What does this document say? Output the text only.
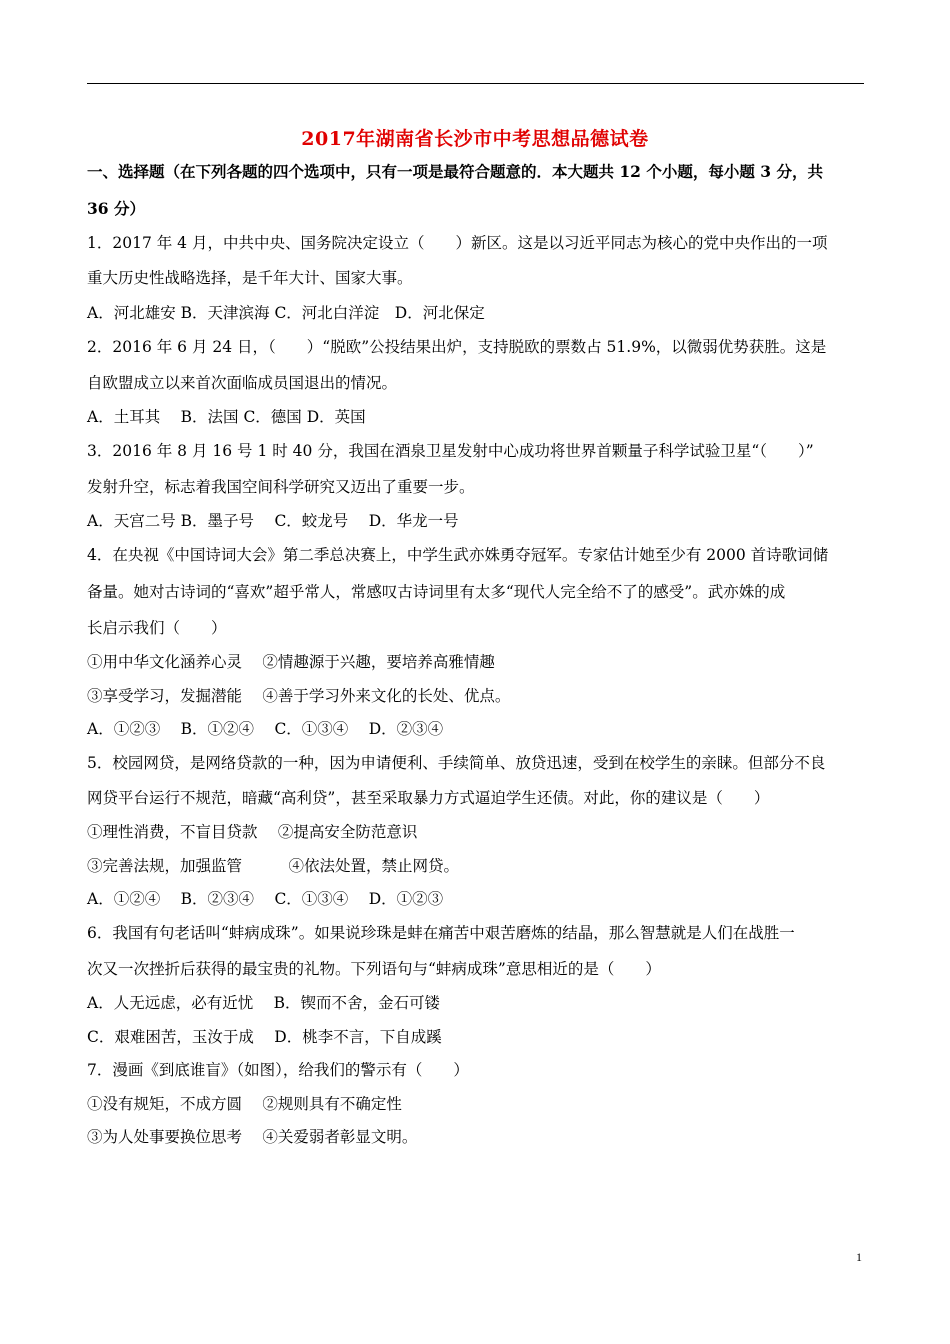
2017年湖南省长沙市中考思想品德试卷
一、选择题（在下列各题的四个选项中，只有一项是最符合题意的．本大题共 12 个小题，每小题 3 分，共
36 分）
1．2017 年 4 月，中共中央、国务院决定设立（　　）新区。这是以习近平同志为核心的党中央作出的一项
重大历史性战略选择，是千年大计、国家大事。
A．河北雄安 B．天津滨海 C．河北白洋淀　D．河北保定
2．2016 年 6 月 24 日，（　　）“脱欧”公投结果出炉，支持脱欧的票数占 51.9%，以微弱优势获胜。这是
自欧盟成立以来首次面临成员国退出的情况。
A．土耳其　 B．法国 C．德国 D．英国
3．2016 年 8 月 16 号 1 时 40 分，我国在酒泉卫星发射中心成功将世界首颗量子科学试验卫星“（　　）”
发射升空，标志着我国空间科学研究又迈出了重要一步。
A．天宫二号 B．墨子号　 C．蛟龙号　 D．华龙一号
4．在央视《中国诗词大会》第二季总决赛上，中学生武亦姝勇夺冠军。专家估计她至少有 2000 首诗歌词储
备量。她对古诗词的“喜欢”超乎常人，常感叹古诗词里有太多“现代人完全给不了的感受”。武亦姝的成
长启示我们（　　）
①用中华文化涵养心灵　 ②情趣源于兴趣，要培养高雅情趣
③享受学习，发掘潜能　 ④善于学习外来文化的长处、优点。
A．①②③　 B．①②④　 C．①③④　 D．②③④
5．校园网贷，是网络贷款的一种，因为申请便利、手续简单、放贷迅速，受到在校学生的亲睐。但部分不良
网贷平台运行不规范，暗藏“高利贷”，甚至采取暴力方式逼迫学生还债。对此，你的建议是（　　）
①理性消费，不盲目贷款　 ②提高安全防范意识
③完善法规，加强监管　　　④依法处置，禁止网贷。
A．①②④　 B．②③④　 C．①③④　 D．①②③
6．我国有句老话叫“蚌病成珠”。如果说珍珠是蚌在痛苦中艰苦磨炼的结晶，那么智慧就是人们在战胜一
次又一次挫折后获得的最宝贵的礼物。下列语句与“蚌病成珠”意思相近的是（　　）
A．人无远虑，必有近忧　 B．锲而不舍，金石可镂
C．艰难困苦，玉汝于成　 D．桃李不言，下自成蹊
7．漫画《到底谁盲》（如图），给我们的警示有（　　）
①没有规矩，不成方圆　 ②规则具有不确定性
③为人处事要换位思考　 ④关爱弱者彰显文明。
1
